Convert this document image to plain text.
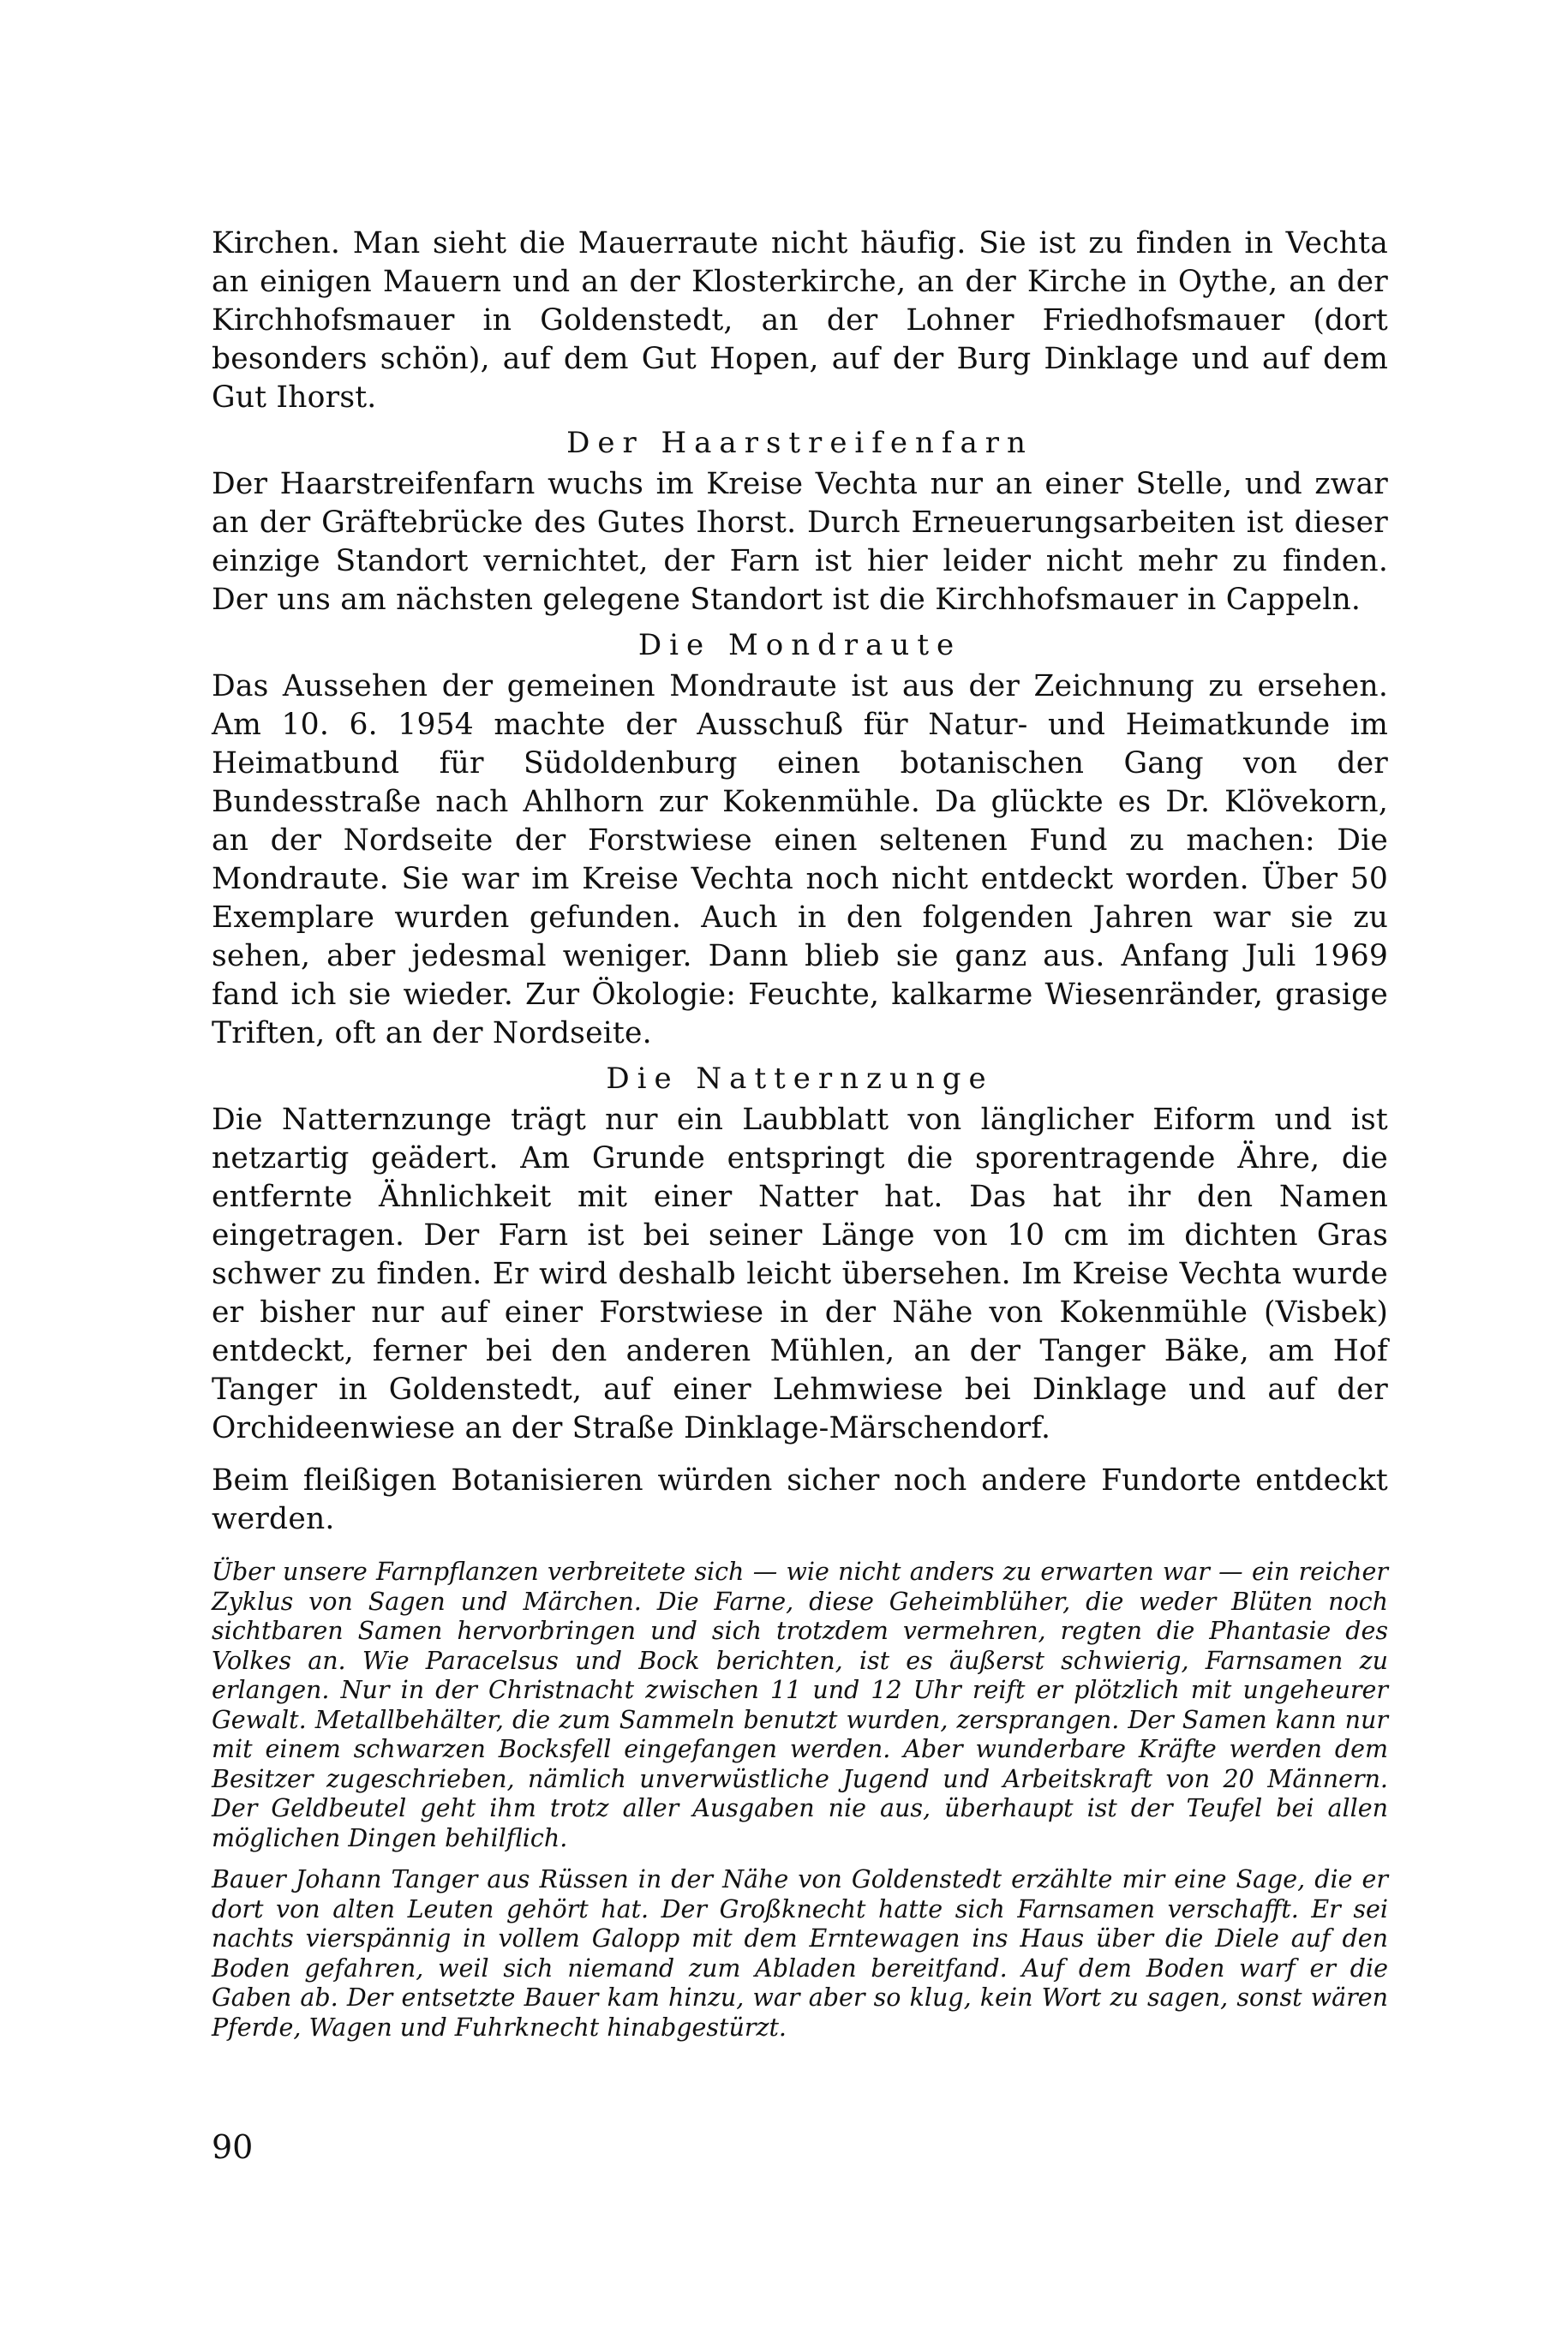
Kirchen. Man sieht die Mauerraute nicht häufig. Sie ist zu finden in Vechta an einigen Mauern und an der Klosterkirche, an der Kirche in Oythe, an der Kirchhofsmauer in Goldenstedt, an der Lohner Friedhofsmauer (dort besonders schön), auf dem Gut Hopen, auf der Burg Dinklage und auf dem Gut Ihorst.

Der Haarstreifenfarn

Der Haarstreifenfarn wuchs im Kreise Vechta nur an einer Stelle, und zwar an der Gräftebrücke des Gutes Ihorst. Durch Erneuerungsarbeiten ist dieser einzige Standort vernichtet, der Farn ist hier leider nicht mehr zu finden. Der uns am nächsten gelegene Standort ist die Kirchhofsmauer in Cappeln.

Die Mondraute

Das Aussehen der gemeinen Mondraute ist aus der Zeichnung zu ersehen. Am 10. 6. 1954 machte der Ausschuß für Natur- und Heimatkunde im Heimatbund für Südoldenburg einen botanischen Gang von der Bundesstraße nach Ahlhorn zur Kokenmühle. Da glückte es Dr. Klövekorn, an der Nordseite der Forstwiese einen seltenen Fund zu machen: Die Mondraute. Sie war im Kreise Vechta noch nicht entdeckt worden. Über 50 Exemplare wurden gefunden. Auch in den folgenden Jahren war sie zu sehen, aber jedesmal weniger. Dann blieb sie ganz aus. Anfang Juli 1969 fand ich sie wieder. Zur Ökologie: Feuchte, kalkarme Wiesenränder, grasige Triften, oft an der Nordseite.

Die Natternzunge

Die Natternzunge trägt nur ein Laubblatt von länglicher Eiform und ist netzartig geädert. Am Grunde entspringt die sporentragende Ähre, die entfernte Ähnlichkeit mit einer Natter hat. Das hat ihr den Namen eingetragen. Der Farn ist bei seiner Länge von 10 cm im dichten Gras schwer zu finden. Er wird deshalb leicht übersehen. Im Kreise Vechta wurde er bisher nur auf einer Forstwiese in der Nähe von Kokenmühle (Visbek) entdeckt, ferner bei den anderen Mühlen, an der Tanger Bäke, am Hof Tanger in Goldenstedt, auf einer Lehmwiese bei Dinklage und auf der Orchideenwiese an der Straße Dinklage-Märschendorf.

Beim fleißigen Botanisieren würden sicher noch andere Fundorte entdeckt werden.

Über unsere Farnpflanzen verbreitete sich — wie nicht anders zu erwarten war — ein reicher Zyklus von Sagen und Märchen. Die Farne, diese Geheimblüher, die weder Blüten noch sichtbaren Samen hervorbringen und sich trotzdem vermehren, regten die Phantasie des Volkes an. Wie Paracelsus und Bock berichten, ist es äußerst schwierig, Farnsamen zu erlangen. Nur in der Christnacht zwischen 11 und 12 Uhr reift er plötzlich mit ungeheurer Gewalt. Metallbehälter, die zum Sammeln benutzt wurden, zersprangen. Der Samen kann nur mit einem schwarzen Bocksfell eingefangen werden. Aber wunderbare Kräfte werden dem Besitzer zugeschrieben, nämlich unverwüstliche Jugend und Arbeitskraft von 20 Männern. Der Geldbeutel geht ihm trotz aller Ausgaben nie aus, überhaupt ist der Teufel bei allen möglichen Dingen behilflich.

Bauer Johann Tanger aus Rüssen in der Nähe von Goldenstedt erzählte mir eine Sage, die er dort von alten Leuten gehört hat. Der Großknecht hatte sich Farnsamen verschafft. Er sei nachts vierspännig in vollem Galopp mit dem Erntewagen ins Haus über die Diele auf den Boden gefahren, weil sich niemand zum Abladen bereitfand. Auf dem Boden warf er die Gaben ab. Der entsetzte Bauer kam hinzu, war aber so klug, kein Wort zu sagen, sonst wären Pferde, Wagen und Fuhrknecht hinabgestürzt.

90
